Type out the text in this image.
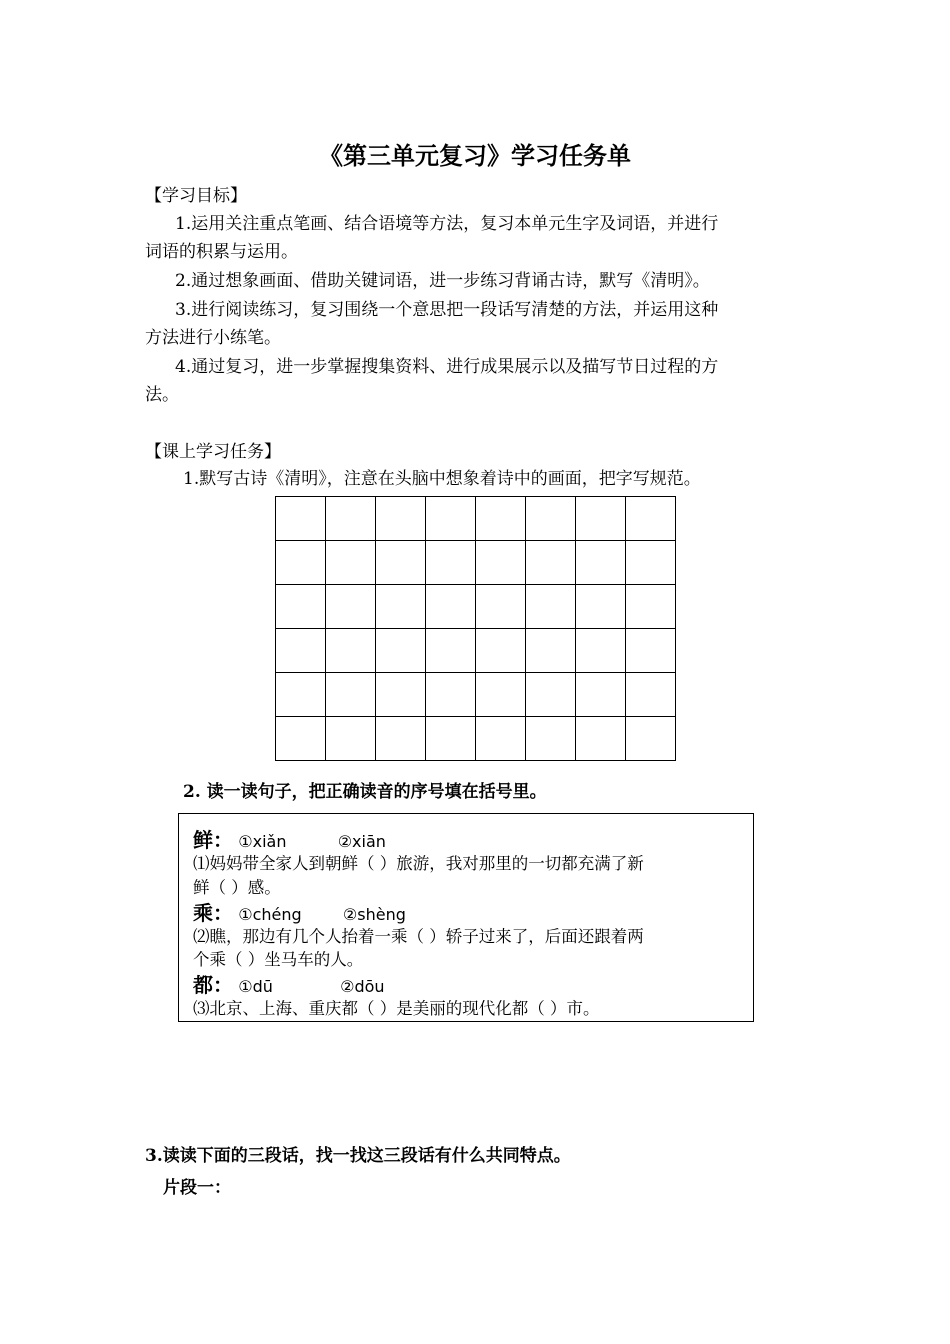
《第三单元复习》学习任务单
【学习目标】
1.运用关注重点笔画、结合语境等方法，复习本单元生字及词语，并进行
词语的积累与运用。
2.通过想象画面、借助关键词语，进一步练习背诵古诗，默写《清明》。
3.进行阅读练习，复习围绕一个意思把一段话写清楚的方法，并运用这种
方法进行小练笔。
4.通过复习，进一步掌握搜集资料、进行成果展示以及描写节日过程的方
法。
【课上学习任务】
1.默写古诗《清明》，注意在头脑中想象着诗中的画面，把字写规范。

2. 读一读句子，把正确读音的序号填在括号里。
鲜： ①xiǎn	②xiān
⑴妈妈带全家人到朝鲜（ ）旅游，我对那里的一切都充满了新
鲜（ ）感。
乘： ①chéng	②shèng
⑵瞧，那边有几个人抬着一乘（ ）轿子过来了，后面还跟着两
个乘（ ）坐马车的人。
都： ①dū	②dōu
⑶北京、上海、重庆都（ ）是美丽的现代化都（ ）市。
3.读读下面的三段话，找一找这三段话有什么共同特点。
片段一：
